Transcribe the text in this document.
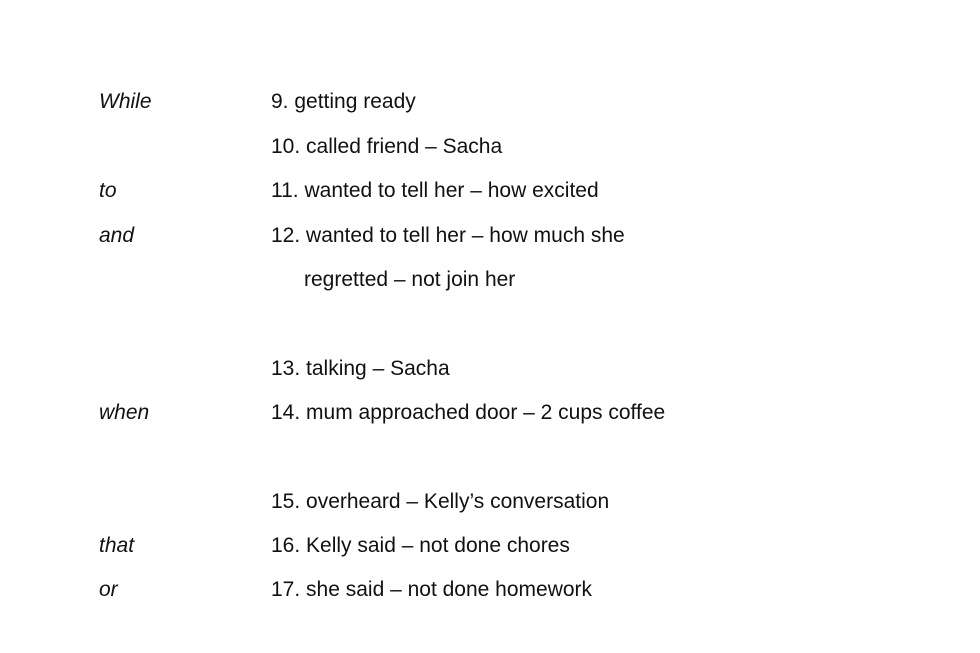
While	9. getting ready
10. called friend – Sacha
to	11. wanted to tell her – how excited
and	12. wanted to tell her – how much she
regretted – not join her
13. talking – Sacha
when	14. mum approached door – 2 cups coffee
15. overheard – Kelly’s conversation
that	16. Kelly said – not done chores
or	17. she said – not done homework
